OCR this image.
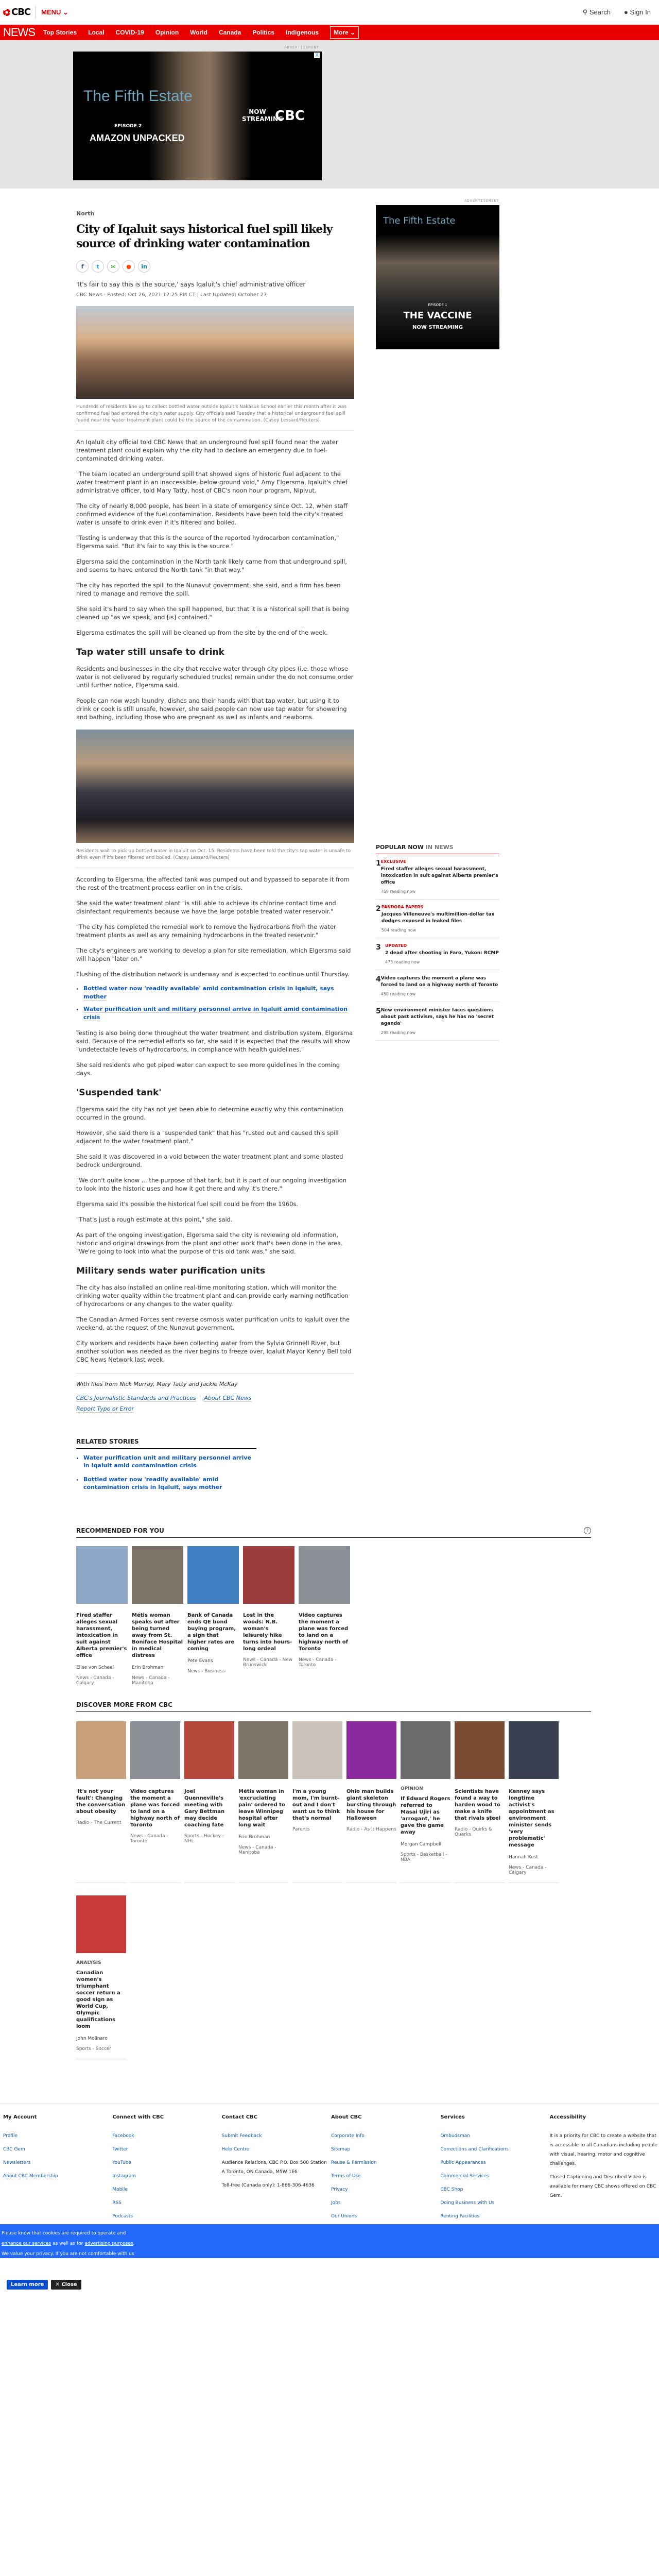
CBC MENU ⌄	⚲ Search ● Sign In
NEWS Top Stories Local COVID-19 Opinion World Canada Politics Indigenous	More ⌄
ADVERTISEMENT
The Fifth Estate
EPISODE 2
AMAZON UNPACKED
NOW STREAMING
CBC
X
North
City of Iqaluit says historical fuel spill likely source of drinking water contamination
f	t	✉	●	in
'It's fair to say this is the source,' says Iqaluit's chief administrative officer
CBC News · Posted: Oct 26, 2021 12:25 PM CT | Last Updated: October 27
Hundreds of residents line up to collect bottled water outside Iqaluit's Nakasuk School earlier this month after it was confirmed fuel had entered the city's water supply. City officials said Tuesday that a historical underground fuel spill found near the water treatment plant could be the source of the contamination. (Casey Lessard/Reuters)

An Iqaluit city official told CBC News that an underground fuel spill found near the water treatment plant could explain why the city had to declare an emergency due to fuel-contaminated drinking water.

"The team located an underground spill that showed signs of historic fuel adjacent to the water treatment plant in an inaccessible, below-ground void," Amy Elgersma, Iqaluit's chief administrative officer, told Mary Tatty, host of CBC's noon hour program, Nipivut.

The city of nearly 8,000 people, has been in a state of emergency since Oct. 12, when staff confirmed evidence of the fuel contamination. Residents have been told the city's treated water is unsafe to drink even if it's filtered and boiled.

"Testing is underway that this is the source of the reported hydrocarbon contamination," Elgersma said. "But it's fair to say this is the source."

Elgersma said the contamination in the North tank likely came from that underground spill, and seems to have entered the North tank "in that way."

The city has reported the spill to the Nunavut government, she said, and a firm has been hired to manage and remove the spill.

She said it's hard to say when the spill happened, but that it is a historical spill that is being cleaned up "as we speak, and [is] contained."

Elgersma estimates the spill will be cleaned up from the site by the end of the week.

Tap water still unsafe to drink

Residents and businesses in the city that receive water through city pipes (i.e. those whose water is not delivered by regularly scheduled trucks) remain under the do not consume order until further notice, Elgersma said.

People can now wash laundry, dishes and their hands with that tap water, but using it to drink or cook is still unsafe, however, she said people can now use tap water for showering and bathing, including those who are pregnant as well as infants and newborns.

Residents wait to pick up bottled water in Iqaluit on Oct. 15. Residents have been told the city's tap water is unsafe to drink even if it's been filtered and boiled. (Casey Lessard/Reuters)

According to Elgersma, the affected tank was pumped out and bypassed to separate it from the rest of the treatment process earlier on in the crisis.

She said the water treatment plant "is still able to achieve its chlorine contact time and disinfectant requirements because we have the large potable treated water reservoir."

"The city has completed the remedial work to remove the hydrocarbons from the water treatment plants as well as any remaining hydrocarbons in the treated reservoir."

The city's engineers are working to develop a plan for site remediation, which Elgersma said will happen "later on."

Flushing of the distribution network is underway and is expected to continue until Thursday.

• Bottled water now 'readily available' amid contamination crisis in Iqaluit, says mother
• Water purification unit and military personnel arrive in Iqaluit amid contamination crisis

Testing is also being done throughout the water treatment and distribution system, Elgersma said. Because of the remedial efforts so far, she said it is expected that the results will show "undetectable levels of hydrocarbons, in compliance with health guidelines."

She said residents who get piped water can expect to see more guidelines in the coming days.

'Suspended tank'

Elgersma said the city has not yet been able to determine exactly why this contamination occurred in the ground.

However, she said there is a "suspended tank" that has "rusted out and caused this spill adjacent to the water treatment plant."

She said it was discovered in a void between the water treatment plant and some blasted bedrock underground.

"We don't quite know ... the purpose of that tank, but it is part of our ongoing investigation to look into the historic uses and how it got there and why it's there."

Elgersma said it's possible the historical fuel spill could be from the 1960s.

"That's just a rough estimate at this point," she said.

As part of the ongoing investigation, Elgersma said the city is reviewing old information, historic and original drawings from the plant and other work that's been done in the area. "We're going to look into what the purpose of this old tank was," she said.

Military sends water purification units

The city has also installed an online real-time monitoring station, which will monitor the drinking water quality within the treatment plant and can provide early warning notification of hydrocarbons or any changes to the water quality.

The Canadian Armed Forces sent reverse osmosis water purification units to Iqaluit over the weekend, at the request of the Nunavut government.

City workers and residents have been collecting water from the Sylvia Grinnell River, but another solution was needed as the river begins to freeze over, Iqaluit Mayor Kenny Bell told CBC News Network last week.

With files from Nick Murray, Mary Tatty and Jackie McKay
CBC's Journalistic Standards and Practices | About CBC News
Report Typo or Error
ADVERTISEMENT
The Fifth Estate
EPISODE 1
THE VACCINE
NOW STREAMING
POPULAR NOW IN NEWS
1 EXCLUSIVE
Fired staffer alleges sexual harassment, intoxication in suit against Alberta premier's office
759 reading now
2 PANDORA PAPERS
Jacques Villeneuve's multimillion-dollar tax dodges exposed in leaked files
504 reading now
3	UPDATED
2 dead after shooting in Faro, Yukon: RCMP
473 reading now
4 Video captures the moment a plane was forced to land on a highway north of Toronto
450 reading now
5 New environment minister faces questions about past activism, says he has no 'secret agenda'
298 reading now
RELATED STORIES
• Water purification unit and military personnel arrive in Iqaluit amid contamination crisis
• Bottled water now 'readily available' amid contamination crisis in Iqaluit, says mother
RECOMMENDED FOR YOU	?
Fired staffer alleges sexual harassment, intoxication in suit against Alberta premier's office
Elise von Scheel
News - Canada - Calgary
Métis woman speaks out after being turned away from St. Boniface Hospital in medical distress
Erin Brohman
News - Canada - Manitoba
Bank of Canada ends QE bond buying program, a sign that higher rates are coming
Pete Evans
News - Business
Lost in the woods: N.B. woman's leisurely hike turns into hours-long ordeal
News - Canada - New Brunswick
Video captures the moment a plane was forced to land on a highway north of Toronto
News - Canada - Toronto
DISCOVER MORE FROM CBC
'It's not your fault': Changing the conversation about obesity
Radio - The Current
Video captures the moment a plane was forced to land on a highway north of Toronto
News - Canada - Toronto
Joel Quenneville's meeting with Gary Bettman may decide coaching fate
Sports - Hockey - NHL
Métis woman in 'excruciating pain' ordered to leave Winnipeg hospital after long wait
Erin Brohman
News - Canada - Manitoba
I'm a young mom, I'm burnt-out and I don't want us to think that's normal
Parents
Ohio man builds giant skeleton bursting through his house for Halloween
Radio - As It Happens
OPINION
If Edward Rogers referred to Masai Ujiri as 'arrogant,' he gave the game away
Morgan Campbell
Sports - Basketball - NBA
Scientists have found a way to harden wood to make a knife that rivals steel
Radio - Quirks & Quarks
Kenney says longtime activist's appointment as environment minister sends 'very problematic' message
Hannah Kost
News - Canada - Calgary
ANALYSIS
Canadian women's triumphant soccer return a good sign as World Cup, Olympic qualifications loom
John Molinaro
Sports - Soccer
My Account
Profile
CBC Gem
Newsletters
About CBC Membership
Connect with CBC
Facebook
Twitter
YouTube
Instagram
Mobile
RSS
Podcasts
Contact CBC
Submit Feedback
Help Centre

Audience Relations, CBC P.O. Box 500 Station A Toronto, ON Canada, M5W 1E6

Toll-free (Canada only): 1-866-306-4636

About CBC
Corporate Info
Sitemap
Reuse & Permission
Terms of Use
Privacy
Jobs
Our Unions
Services
Ombudsman
Corrections and Clarifications
Public Appearances
Commercial Services
CBC Shop
Doing Business with Us
Renting Facilities
Accessibility

It is a priority for CBC to create a website that is accessible to all Canadians including people with visual, hearing, motor and cognitive challenges.

Closed Captioning and Described Video is available for many CBC shows offered on CBC Gem.

Please know that cookies are required to operate and enhance our services as well as for advertising purposes. We value your privacy. If you are not comfortable with us using this information, please review your settings before continuing your visit.

Learn more	✕ Close
